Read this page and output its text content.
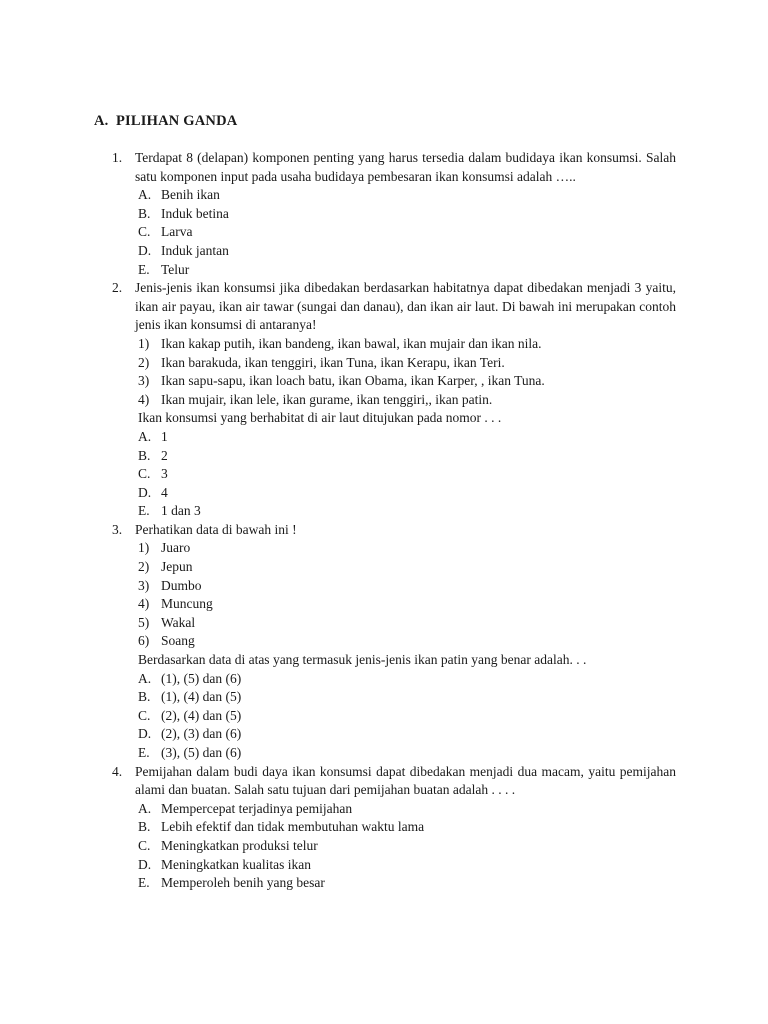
A. PILIHAN GANDA
1. Terdapat 8 (delapan) komponen penting yang harus tersedia dalam budidaya ikan konsumsi. Salah satu komponen input pada usaha budidaya pembesaran ikan konsumsi adalah …..

A. Benih ikan
B. Induk betina
C. Larva
D. Induk jantan
E. Telur
2. Jenis-jenis ikan konsumsi jika dibedakan berdasarkan habitatnya dapat dibedakan menjadi 3 yaitu, ikan air payau, ikan air tawar (sungai dan danau), dan ikan air laut. Di bawah ini merupakan contoh jenis ikan konsumsi di antaranya!

1) Ikan kakap putih, ikan bandeng, ikan bawal, ikan mujair dan ikan nila.
2) Ikan barakuda, ikan tenggiri, ikan Tuna, ikan Kerapu, ikan Teri.
3) Ikan sapu-sapu, ikan loach batu, ikan Obama, ikan Karper, , ikan Tuna.
4) Ikan mujair, ikan lele, ikan gurame, ikan tenggiri,, ikan patin.

Ikan konsumsi yang berhabitat di air laut ditujukan pada nomor . . .

A. 1
B. 2
C. 3
D. 4
E. 1 dan 3
3. Perhatikan data di bawah ini !

1) Juaro
2) Jepun
3) Dumbo
4) Muncung
5) Wakal
6) Soang

Berdasarkan data di atas yang termasuk jenis-jenis ikan patin yang benar adalah. . .

A. (1), (5) dan (6)
B. (1), (4) dan (5)
C. (2), (4) dan (5)
D. (2), (3) dan (6)
E. (3), (5) dan (6)
4. Pemijahan dalam budi daya ikan konsumsi dapat dibedakan menjadi dua macam, yaitu pemijahan alami dan buatan. Salah satu tujuan dari pemijahan buatan adalah . . . .

A. Mempercepat terjadinya pemijahan
B. Lebih efektif dan tidak membutuhan waktu lama
C. Meningkatkan produksi telur
D. Meningkatkan kualitas ikan
E. Memperoleh benih yang besar
